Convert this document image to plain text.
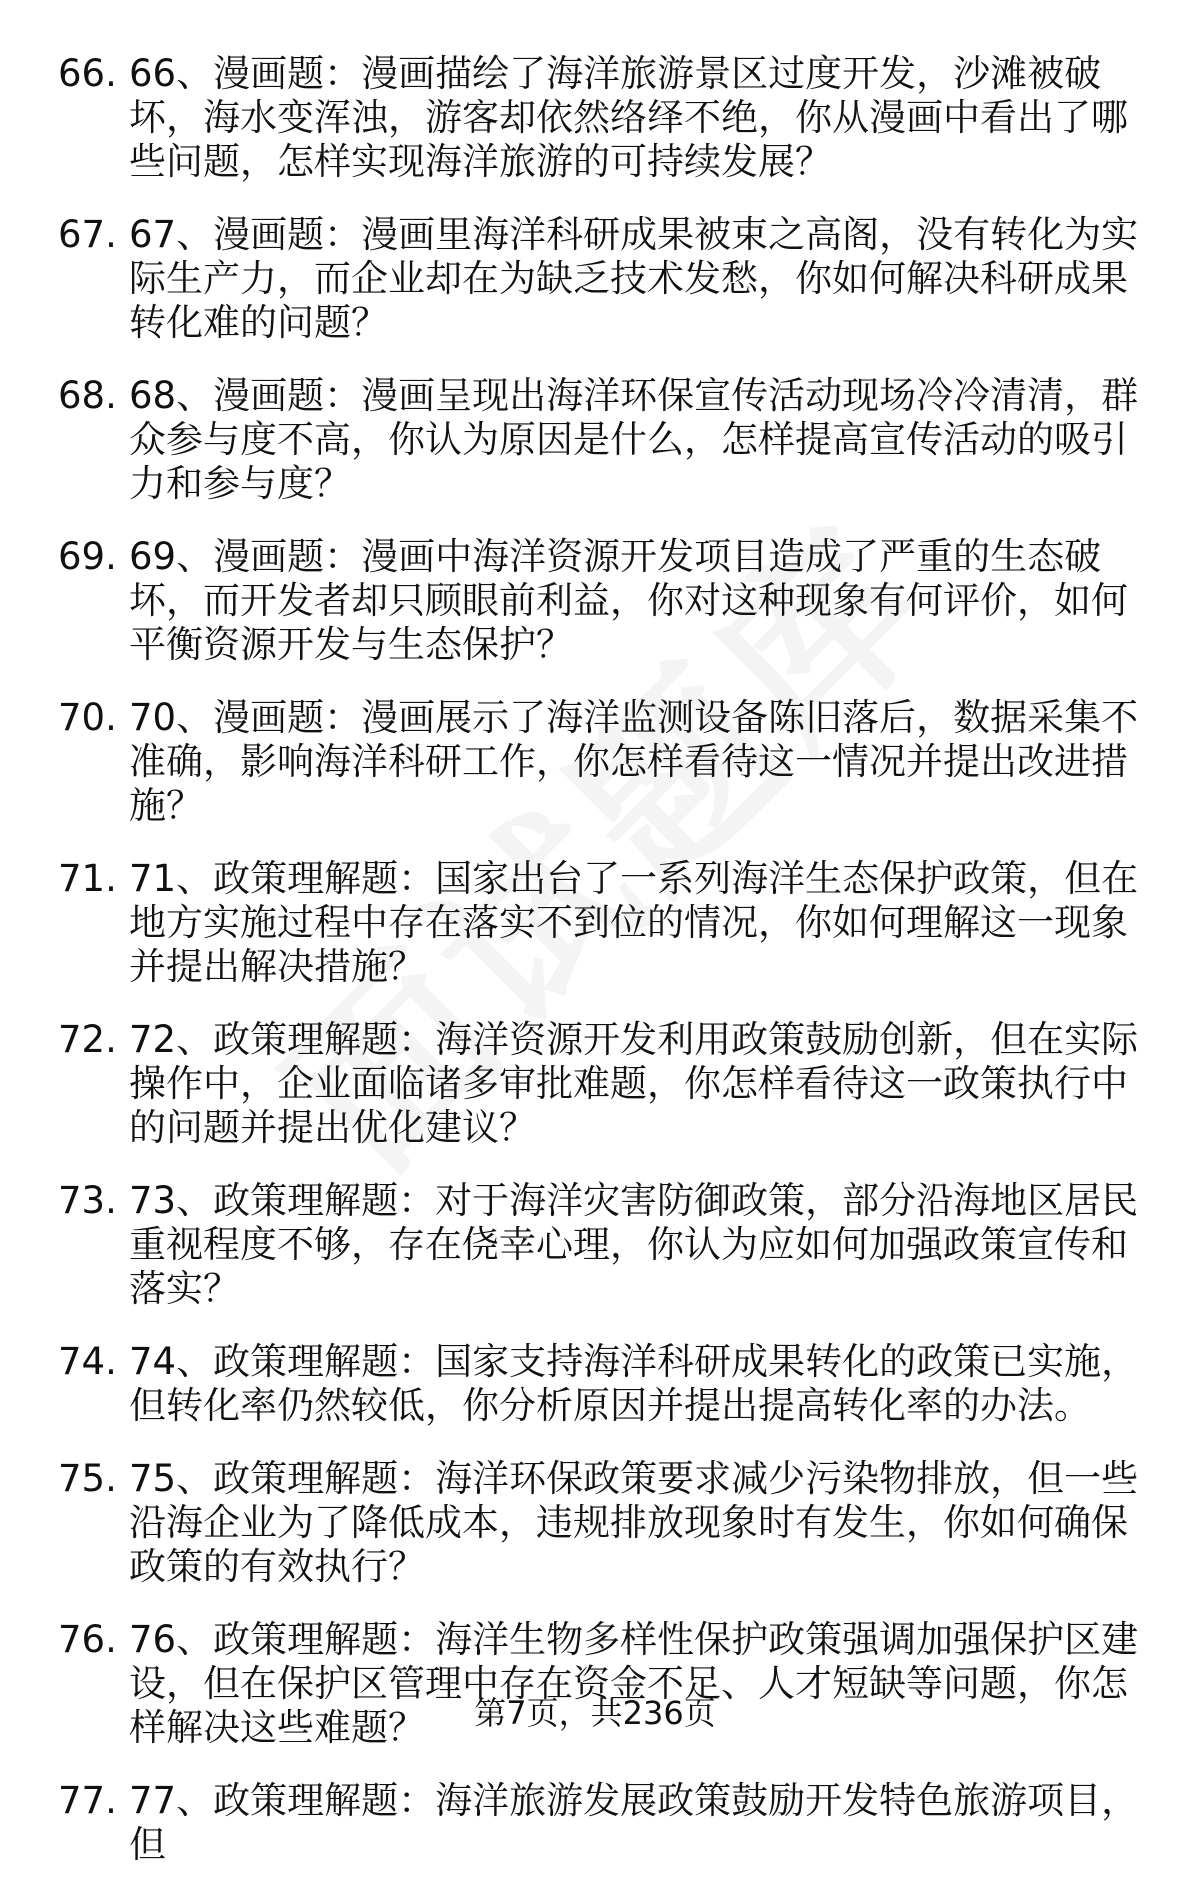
66. 66、漫画题：漫画描绘了海洋旅游景区过度开发，沙滩被破坏，海水变浑浊，游客却依然络绎不绝，你从漫画中看出了哪些问题，怎样实现海洋旅游的可持续发展？
67. 67、漫画题：漫画里海洋科研成果被束之高阁，没有转化为实际生产力，而企业却在为缺乏技术发愁，你如何解决科研成果转化难的问题？
68. 68、漫画题：漫画呈现出海洋环保宣传活动现场冷冷清清，群众参与度不高，你认为原因是什么，怎样提高宣传活动的吸引力和参与度？
69. 69、漫画题：漫画中海洋资源开发项目造成了严重的生态破坏，而开发者却只顾眼前利益，你对这种现象有何评价，如何平衡资源开发与生态保护？
70. 70、漫画题：漫画展示了海洋监测设备陈旧落后，数据采集不准确，影响海洋科研工作，你怎样看待这一情况并提出改进措施？
71. 71、政策理解题：国家出台了一系列海洋生态保护政策，但在地方实施过程中存在落实不到位的情况，你如何理解这一现象并提出解决措施？
72. 72、政策理解题：海洋资源开发利用政策鼓励创新，但在实际操作中，企业面临诸多审批难题，你怎样看待这一政策执行中的问题并提出优化建议？
73. 73、政策理解题：对于海洋灾害防御政策，部分沿海地区居民重视程度不够，存在侥幸心理，你认为应如何加强政策宣传和落实？
74. 74、政策理解题：国家支持海洋科研成果转化的政策已实施，但转化率仍然较低，你分析原因并提出提高转化率的办法。
75. 75、政策理解题：海洋环保政策要求减少污染物排放，但一些沿海企业为了降低成本，违规排放现象时有发生，你如何确保政策的有效执行？
76. 76、政策理解题：海洋生物多样性保护政策强调加强保护区建设，但在保护区管理中存在资金不足、人才短缺等问题，你怎样解决这些难题？
77. 77、政策理解题：海洋旅游发展政策鼓励开发特色旅游项目，但
第7页，共236页
